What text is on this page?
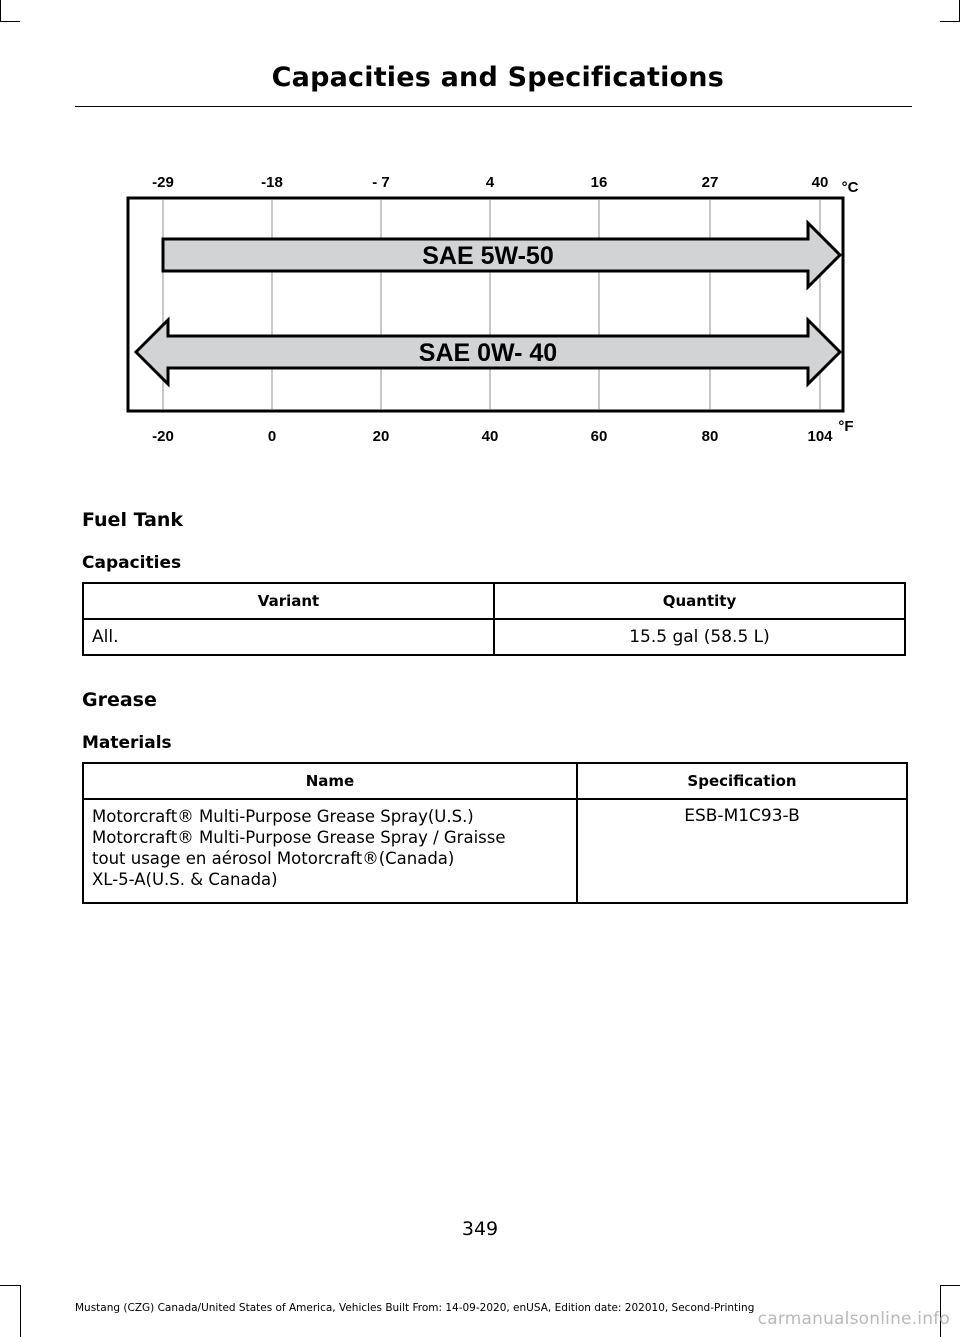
Capacities and Specifications
-29	-18	- 7	4	16	27	40
-20	0	20	40	60	80	104
°C
°F
SAE 5W-50
SAE 0W- 40
Fuel Tank
Capacities
Variant	Quantity
All.	15.5 gal (58.5 L)
Grease
Materials
Name	Specification

Motorcraft® Multi-Purpose Grease Spray(U.S.)
Motorcraft® Multi-Purpose Grease Spray / Graisse
tout usage en aérosol Motorcraft®(Canada)
XL-5-A(U.S. & Canada)	ESB-M1C93-B
349
Mustang (CZG) Canada/United States of America, Vehicles Built From: 14-09-2020, enUSA, Edition date: 202010, Second-Printing
carmanualsonline.info
